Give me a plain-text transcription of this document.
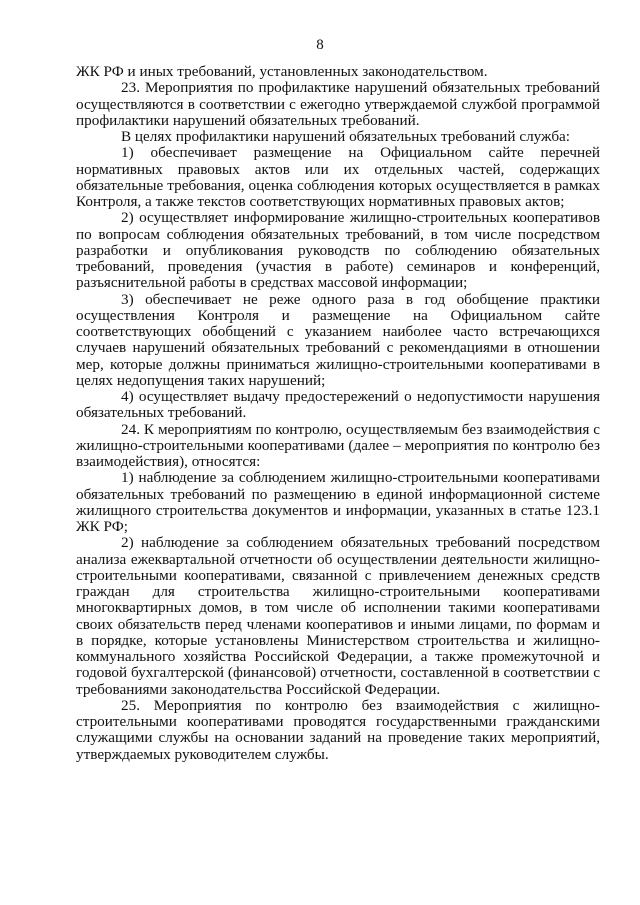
8

ЖК РФ и иных требований, установленных законодательством.

23. Мероприятия по профилактике нарушений обязательных требований осуществляются в соответствии с ежегодно утверждаемой службой программой профилактики нарушений обязательных требований.

В целях профилактики нарушений обязательных требований служба:

1) обеспечивает размещение на Официальном сайте перечней нормативных правовых актов или их отдельных частей, содержащих обязательные требования, оценка соблюдения которых осуществляется в рамках Контроля, а также текстов соответствующих нормативных правовых актов;

2) осуществляет информирование жилищно-строительных кооперативов по вопросам соблюдения обязательных требований, в том числе посредством разработки и опубликования руководств по соблюдению обязательных требований, проведения (участия в работе) семинаров и конференций, разъяснительной работы в средствах массовой информации;

3) обеспечивает не реже одного раза в год обобщение практики осуществления Контроля и размещение на Официальном сайте соответствующих обобщений с указанием наиболее часто встречающихся случаев нарушений обязательных требований с рекомендациями в отношении мер, которые должны приниматься жилищно-строительными кооперативами в целях недопущения таких нарушений;

4) осуществляет выдачу предостережений о недопустимости нарушения обязательных требований.

24. К мероприятиям по контролю, осуществляемым без взаимодействия с жилищно-строительными кооперативами (далее – мероприятия по контролю без взаимодействия), относятся:

1) наблюдение за соблюдением жилищно-строительными кооперативами обязательных требований по размещению в единой информационной системе жилищного строительства документов и информации, указанных в статье 123.1 ЖК РФ;

2) наблюдение за соблюдением обязательных требований посредством анализа ежеквартальной отчетности об осуществлении деятельности жилищно-строительными кооперативами, связанной с привлечением денежных средств граждан для строительства жилищно-строительными кооперативами многоквартирных домов, в том числе об исполнении такими кооперативами своих обязательств перед членами кооперативов и иными лицами, по формам и в порядке, которые установлены Министерством строительства и жилищно-коммунального хозяйства Российской Федерации, а также промежуточной и годовой бухгалтерской (финансовой) отчетности, составленной в соответствии с требованиями законодательства Российской Федерации.

25. Мероприятия по контролю без взаимодействия с жилищно-строительными кооперативами проводятся государственными гражданскими служащими службы на основании заданий на проведение таких мероприятий, утверждаемых руководителем службы.
